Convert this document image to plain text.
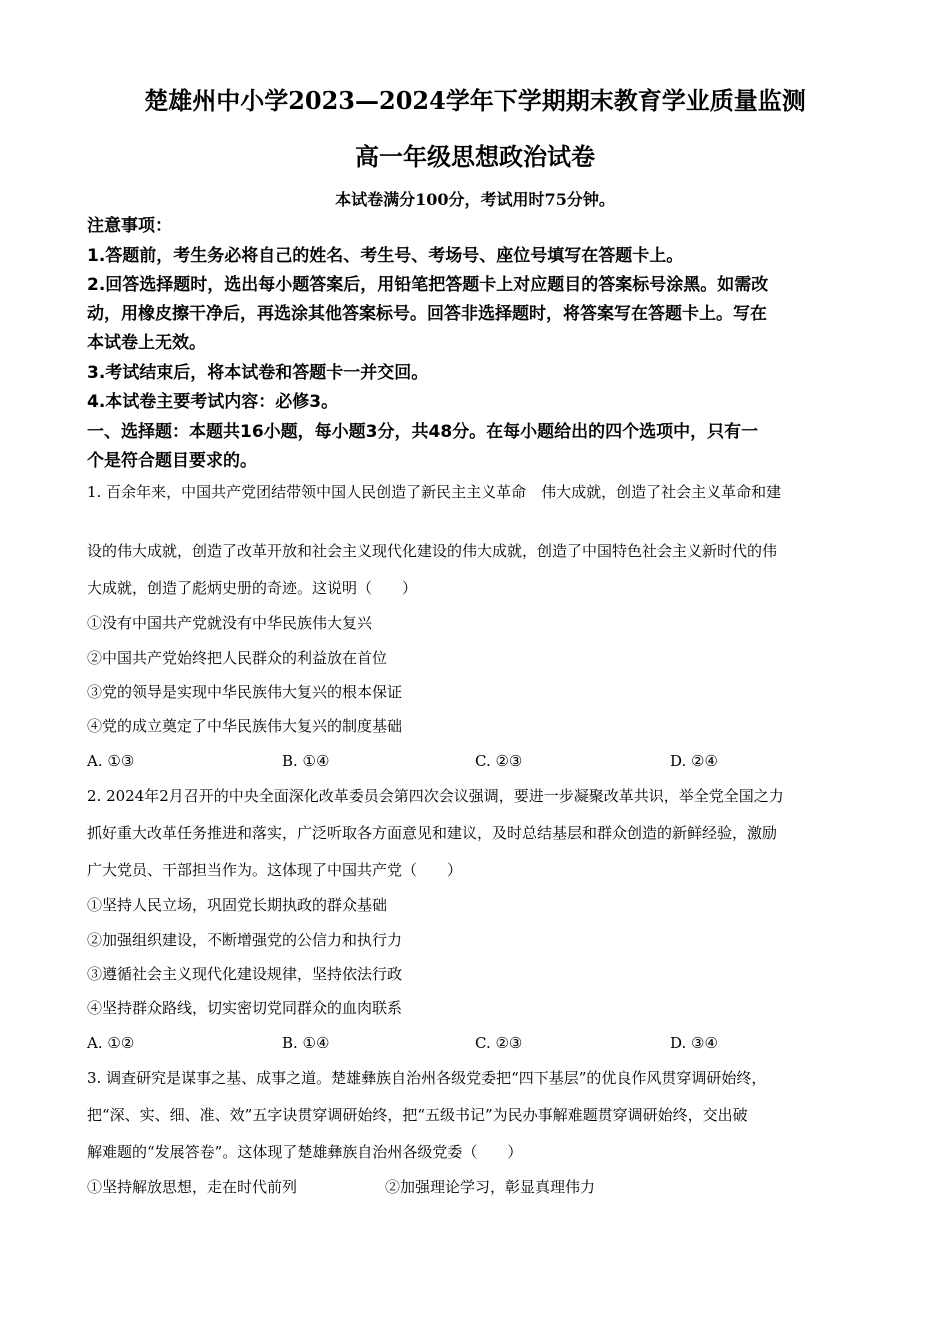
楚雄州中小学2023—2024学年下学期期末教育学业质量监测
高一年级思想政治试卷
本试卷满分100分，考试用时75分钟。
注意事项：
1.答题前，考生务必将自己的姓名、考生号、考场号、座位号填写在答题卡上。
2.回答选择题时，选出每小题答案后，用铅笔把答题卡上对应题目的答案标号涂黑。如需改
动，用橡皮擦干净后，再选涂其他答案标号。回答非选择题时，将答案写在答题卡上。写在
本试卷上无效。
3.考试结束后，将本试卷和答题卡一并交回。
4.本试卷主要考试内容：必修3。
一、选择题：本题共16小题，每小题3分，共48分。在每小题给出的四个选项中，只有一
个是符合题目要求的。
1. 百余年来，中国共产党团结带领中国人民创造了新民主主义革命　伟大成就，创造了社会主义革命和建
设的伟大成就，创造了改革开放和社会主义现代化建设的伟大成就，创造了中国特色社会主义新时代的伟
大成就，创造了彪炳史册的奇迹。这说明（　　）
①没有中国共产党就没有中华民族伟大复兴
②中国共产党始终把人民群众的利益放在首位
③党的领导是实现中华民族伟大复兴的根本保证
④党的成立奠定了中华民族伟大复兴的制度基础
A. ①③	B. ①④	C. ②③	D. ②④
2. 2024年2月召开的中央全面深化改革委员会第四次会议强调，要进一步凝聚改革共识，举全党全国之力
抓好重大改革任务推进和落实，广泛听取各方面意见和建议，及时总结基层和群众创造的新鲜经验，激励
广大党员、干部担当作为。这体现了中国共产党（　　）
①坚持人民立场，巩固党长期执政的群众基础
②加强组织建设，不断增强党的公信力和执行力
③遵循社会主义现代化建设规律，坚持依法行政
④坚持群众路线，切实密切党同群众的血肉联系
A. ①②	B. ①④	C. ②③	D. ③④
3. 调查研究是谋事之基、成事之道。楚雄彝族自治州各级党委把“四下基层”的优良作风贯穿调研始终，
把“深、实、细、准、效”五字诀贯穿调研始终，把“五级书记”为民办事解难题贯穿调研始终，交出破
解难题的“发展答卷”。这体现了楚雄彝族自治州各级党委（　　）
①坚持解放思想，走在时代前列	②加强理论学习，彰显真理伟力
